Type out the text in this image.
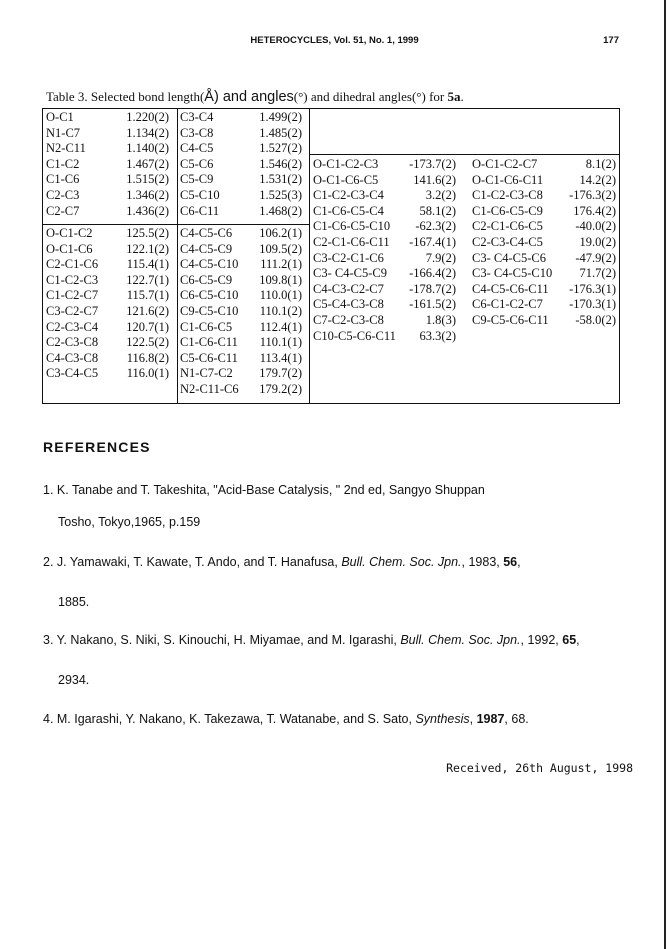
HETEROCYCLES, Vol. 51, No. 1, 1999	177
Table 3. Selected bond length(Å) and angles(°) and dihedral angles(°) for 5a.
O-C1	1.220(2)
N1-C7	1.134(2)
N2-C11	1.140(2)
C1-C2	1.467(2)
C1-C6	1.515(2)
C2-C3	1.346(2)
C2-C7	1.436(2)
C3-C4	1.499(2)
C3-C8	1.485(2)
C4-C5	1.527(2)
C5-C6	1.546(2)
C5-C9	1.531(2)
C5-C10	1.525(3)
C6-C11	1.468(2)
O-C1-C2	125.5(2)
O-C1-C6	122.1(2)
C2-C1-C6 115.4(1)
C1-C2-C3 122.7(1)
C1-C2-C7 115.7(1)
C3-C2-C7 121.6(2)
C2-C3-C4 120.7(1)
C2-C3-C8 122.5(2)
C4-C3-C8 116.8(2)
C3-C4-C5 116.0(1)
C4-C5-C6 106.2(1)
C4-C5-C9 109.5(2)
C4-C5-C10 111.2(1)
C6-C5-C9 109.8(1)
C6-C5-C10 110.0(1)
C9-C5-C10 110.1(2)
C1-C6-C5 112.4(1)
C1-C6-C11 110.1(1)
C5-C6-C11 113.4(1)
N1-C7-C2 179.7(2)
N2-C11-C6 179.2(2)
O-C1-C2-C3 -173.7(2)
O-C1-C6-C5	141.6(2)
C1-C2-C3-C4	3.2(2)
C1-C6-C5-C4	58.1(2)
C1-C6-C5-C10 -62.3(2)
C2-C1-C6-C11 -167.4(1)
C3-C2-C1-C6	7.9(2)
C3- C4-C5-C9 -166.4(2)
C4-C3-C2-C7 -178.7(2)
C5-C4-C3-C8 -161.5(2)
C7-C2-C3-C8	1.8(3)
C10-C5-C6-C11 63.3(2)
O-C1-C2-C7	8.1(2)
O-C1-C6-C11	14.2(2)
C1-C2-C3-C8 -176.3(2)
C1-C6-C5-C9 176.4(2)
C2-C1-C6-C5	-40.0(2)
C2-C3-C4-C5	19.0(2)
C3- C4-C5-C6 -47.9(2)
C3- C4-C5-C10 71.7(2)
C4-C5-C6-C11 -176.3(1)
C6-C1-C2-C7 -170.3(1)
C9-C5-C6-C11 -58.0(2)
REFERENCES
1. K. Tanabe and T. Takeshita, "Acid-Base Catalysis, " 2nd ed, Sangyo Shuppan
Tosho, Tokyo,1965, p.159
2. J. Yamawaki, T. Kawate, T. Ando, and T. Hanafusa, Bull. Chem. Soc. Jpn., 1983, 56,
1885.
3. Y. Nakano, S. Niki, S. Kinouchi, H. Miyamae, and M. Igarashi, Bull. Chem. Soc. Jpn., 1992, 65,
2934.
4. M. Igarashi, Y. Nakano, K. Takezawa, T. Watanabe, and S. Sato, Synthesis, 1987, 68.
Received, 26th August, 1998
